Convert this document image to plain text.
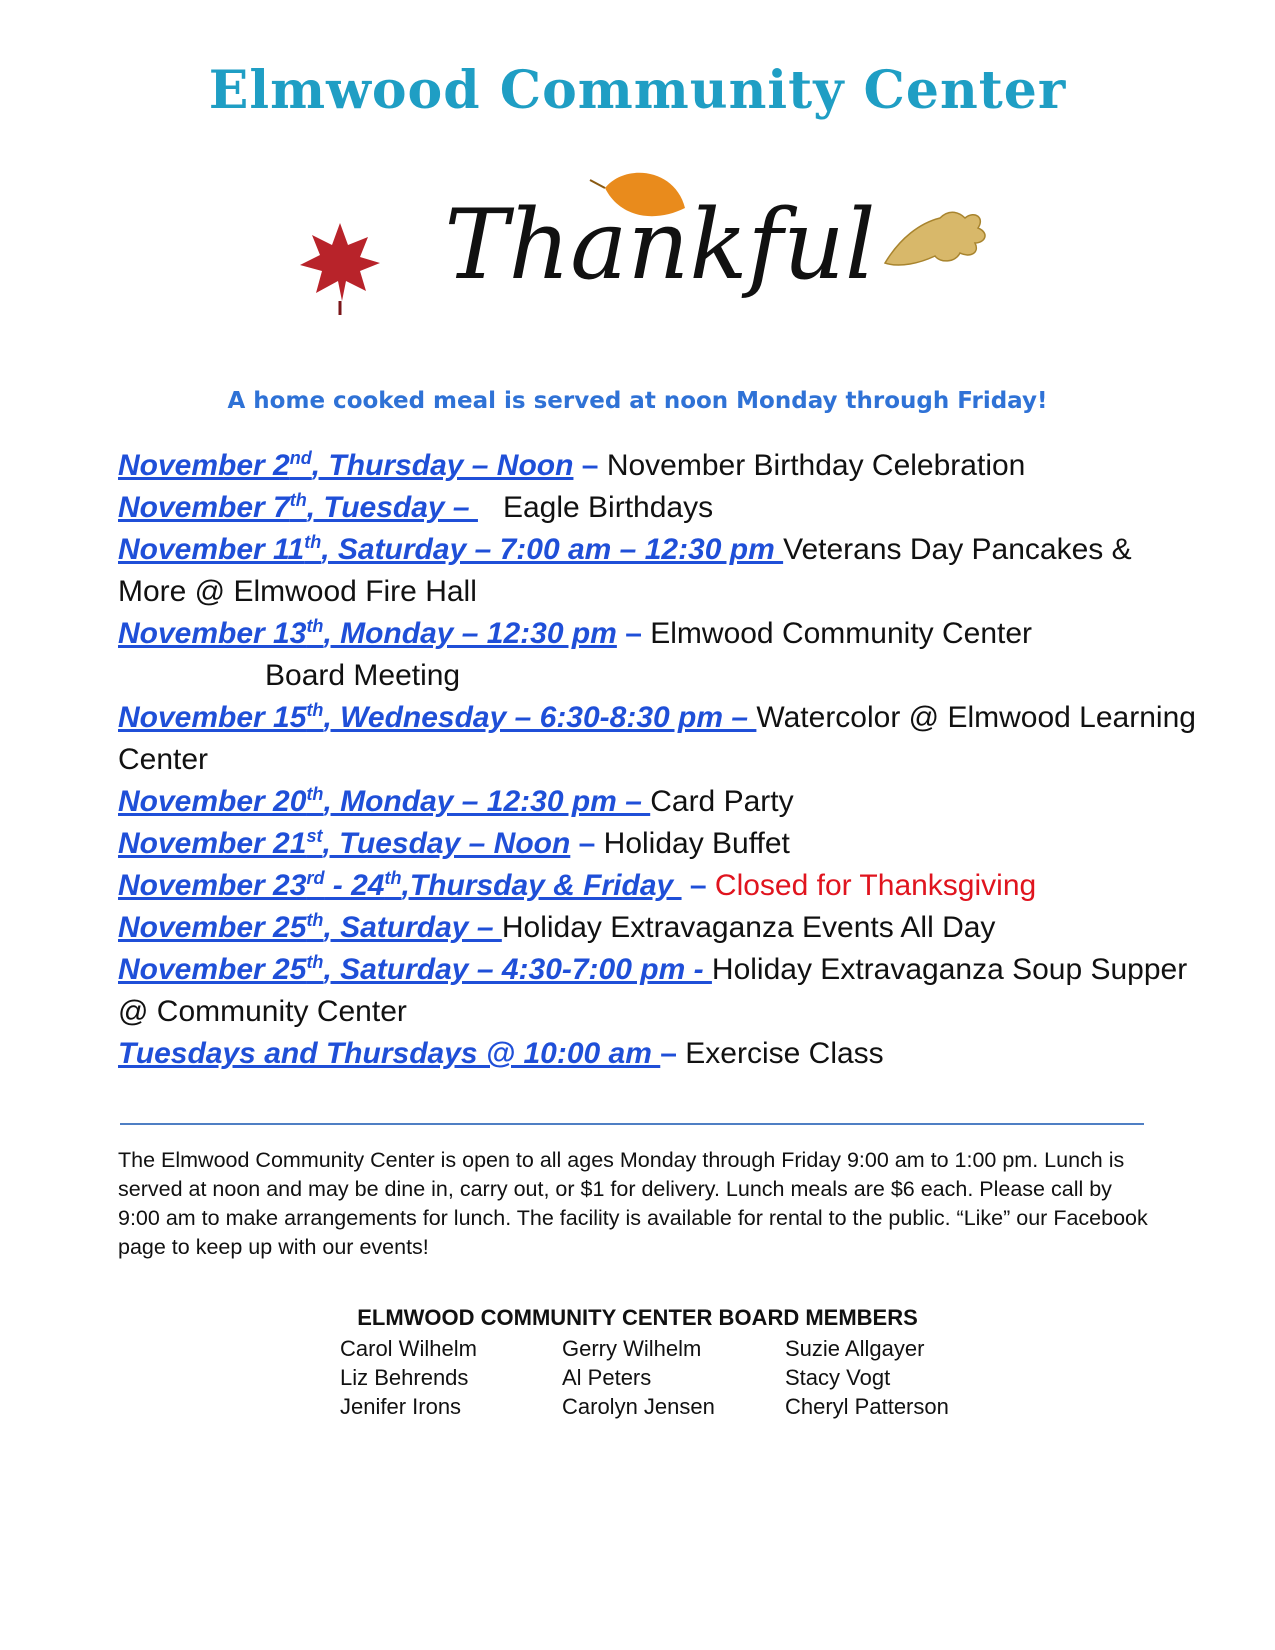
Elmwood Community Center
Thankful
A home cooked meal is served at noon Monday through Friday!

November 2nd, Thursday – Noon – November Birthday Celebration

November 7th, Tuesday –    Eagle Birthdays

November 11th, Saturday – 7:00 am – 12:30 pm Veterans Day Pancakes & More @ Elmwood Fire Hall

November 13th, Monday – 12:30 pm – Elmwood Community Center

Board Meeting

November 15th, Wednesday – 6:30-8:30 pm – Watercolor @ Elmwood Learning Center

November 20th, Monday – 12:30 pm – Card Party

November 21st, Tuesday – Noon – Holiday Buffet

November 23rd - 24th,Thursday & Friday  – Closed for Thanksgiving

November 25th, Saturday – Holiday Extravaganza Events All Day

November 25th, Saturday – 4:30-7:00 pm - Holiday Extravaganza Soup Supper @ Community Center

Tuesdays and Thursdays @ 10:00 am – Exercise Class

The Elmwood Community Center is open to all ages Monday through Friday 9:00 am to 1:00 pm. Lunch is served at noon and may be dine in, carry out, or $1 for delivery. Lunch meals are $6 each. Please call by 9:00 am to make arrangements for lunch. The facility is available for rental to the public. “Like” our Facebook page to keep up with our events!
ELMWOOD COMMUNITY CENTER BOARD MEMBERS
Carol Wilhelm	Gerry Wilhelm	Suzie Allgayer
Liz Behrends	Al Peters	Stacy Vogt
Jenifer Irons	Carolyn Jensen	Cheryl Patterson
